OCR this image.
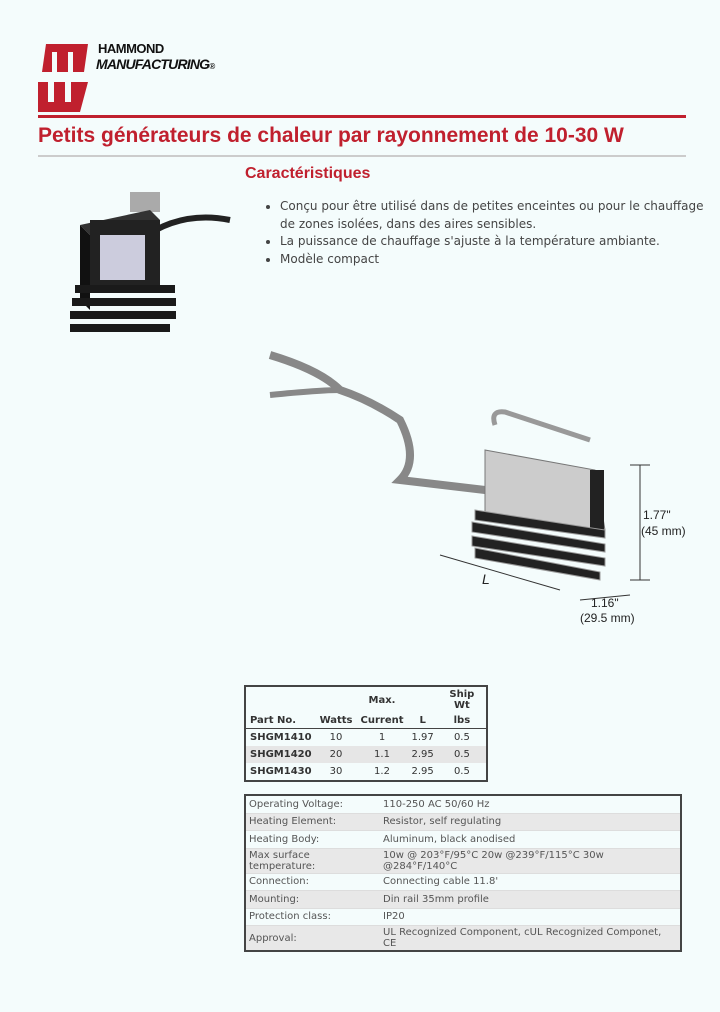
HAMMOND
MANUFACTURING®
Petits générateurs de chaleur par rayonnement de 10-30 W
Caractéristiques
• Conçu pour être utilisé dans de petites enceintes ou pour le chauffage de zones isolées, dans des aires sensibles.
• La puissance de chauffage s'ajuste à la température ambiante.
• Modèle compact
1.77"
(45 mm)
L
1.16"
(29.5 mm)
		Max.		Ship Wt
Part No.	Watts	Current	L	lbs
SHGM1410	10	1	1.97	0.5
SHGM1420	20	1.1	2.95	0.5
SHGM1430	30	1.2	2.95	0.5
Operating Voltage:	110-250 AC 50/60 Hz
Heating Element:	Resistor, self regulating
Heating Body:	Aluminum, black anodised
Max surface temperature:	10w @ 203°F/95°C 20w @239°F/115°C 30w @284°F/140°C
Connection:	Connecting cable 11.8'
Mounting:	Din rail 35mm profile
Protection class:	IP20
Approval:	UL Recognized Component, cUL Recognized Componet, CE
